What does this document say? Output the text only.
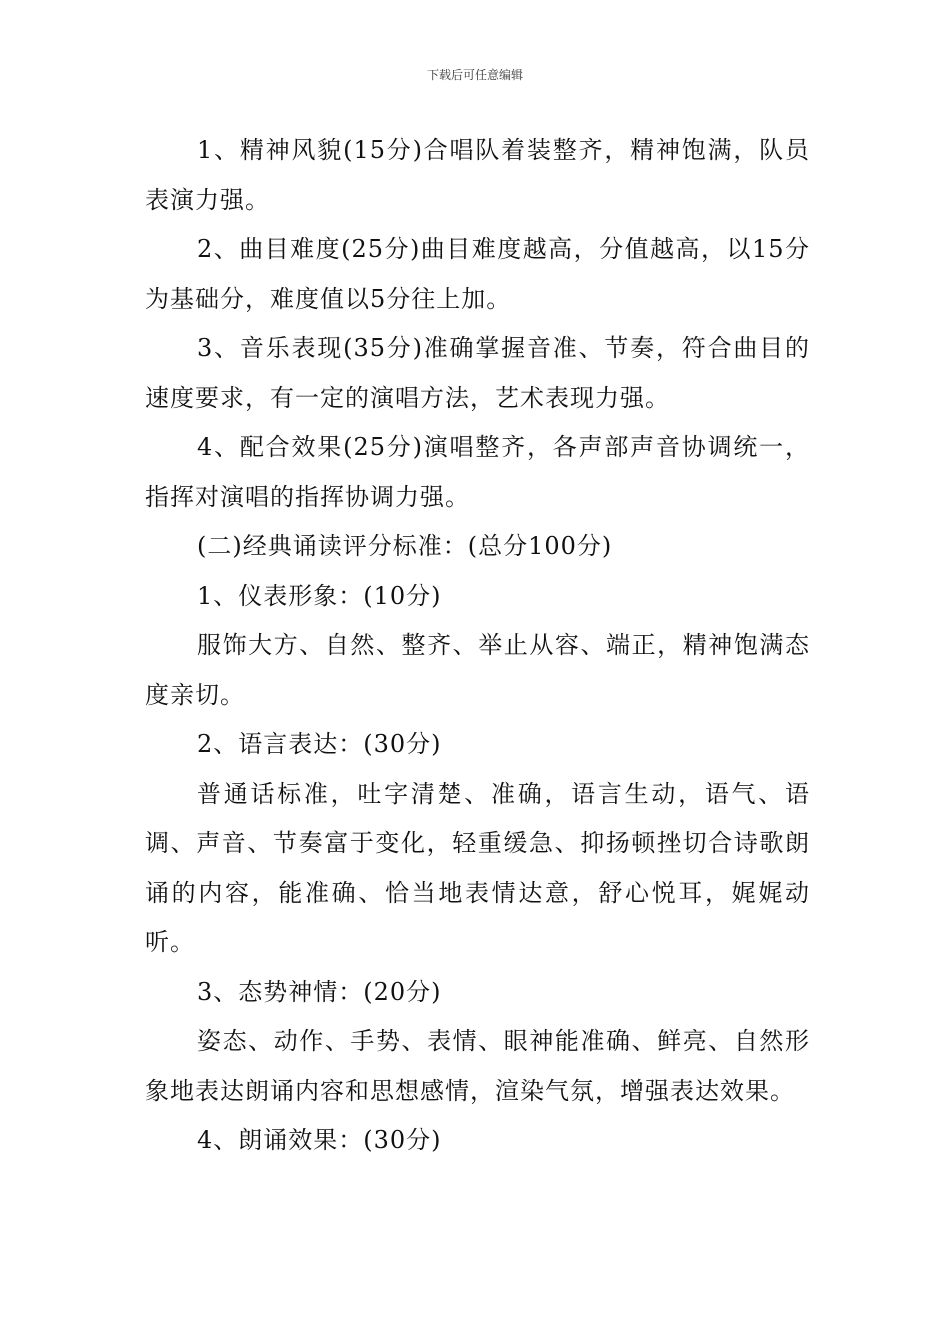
下载后可任意编辑

1、精神风貌(15分)合唱队着装整齐，精神饱满，队员表演力强。

2、曲目难度(25分)曲目难度越高，分值越高，以15分为基础分，难度值以5分往上加。

3、音乐表现(35分)准确掌握音准、节奏，符合曲目的速度要求，有一定的演唱方法，艺术表现力强。

4、配合效果(25分)演唱整齐，各声部声音协调统一，指挥对演唱的指挥协调力强。

(二)经典诵读评分标准：(总分100分)

1、仪表形象：(10分)

服饰大方、自然、整齐、举止从容、端正，精神饱满态度亲切。

2、语言表达：(30分)

普通话标准，吐字清楚、准确，语言生动，语气、语调、声音、节奏富于变化，轻重缓急、抑扬顿挫切合诗歌朗诵的内容，能准确、恰当地表情达意，舒心悦耳，娓娓动听。

3、态势神情：(20分)

姿态、动作、手势、表情、眼神能准确、鲜亮、自然形象地表达朗诵内容和思想感情，渲染气氛，增强表达效果。

4、朗诵效果：(30分)
